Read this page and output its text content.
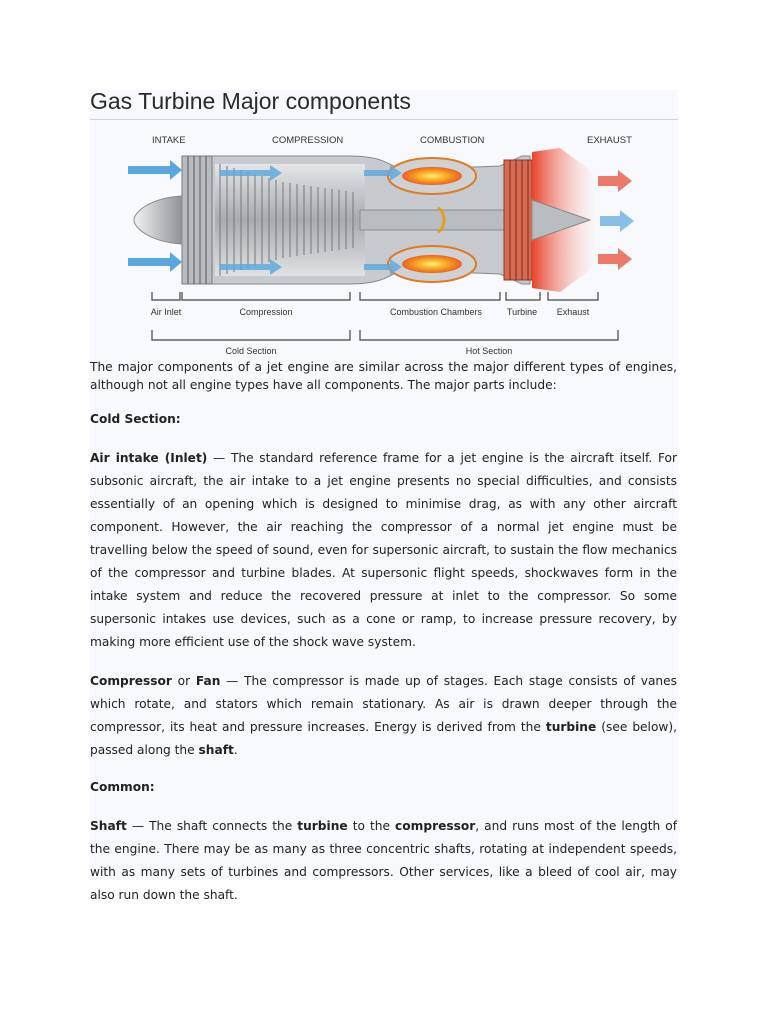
Gas Turbine Major components
INTAKE	COMPRESSION	COMBUSTION	EXHAUST
Air Inlet	Compression	Combustion Chambers	Turbine Exhaust
Cold Section	Hot Section

The major components of a jet engine are similar across the major different types of engines, although not all engine types have all components. The major parts include:

Cold Section:

Air intake (Inlet) — The standard reference frame for a jet engine is the aircraft itself. For subsonic aircraft, the air intake to a jet engine presents no special difficulties, and consists essentially of an opening which is designed to minimise drag, as with any other aircraft component. However, the air reaching the compressor of a normal jet engine must be travelling below the speed of sound, even for supersonic aircraft, to sustain the flow mechanics of the compressor and turbine blades. At supersonic flight speeds, shockwaves form in the intake system and reduce the recovered pressure at inlet to the compressor. So some supersonic intakes use devices, such as a cone or ramp, to increase pressure recovery, by making more efficient use of the shock wave system.

Compressor or Fan — The compressor is made up of stages. Each stage consists of vanes which rotate, and stators which remain stationary. As air is drawn deeper through the compressor, its heat and pressure increases. Energy is derived from the turbine (see below), passed along the shaft.

Common:

Shaft — The shaft connects the turbine to the compressor, and runs most of the length of the engine. There may be as many as three concentric shafts, rotating at independent speeds, with as many sets of turbines and compressors. Other services, like a bleed of cool air, may also run down the shaft.
